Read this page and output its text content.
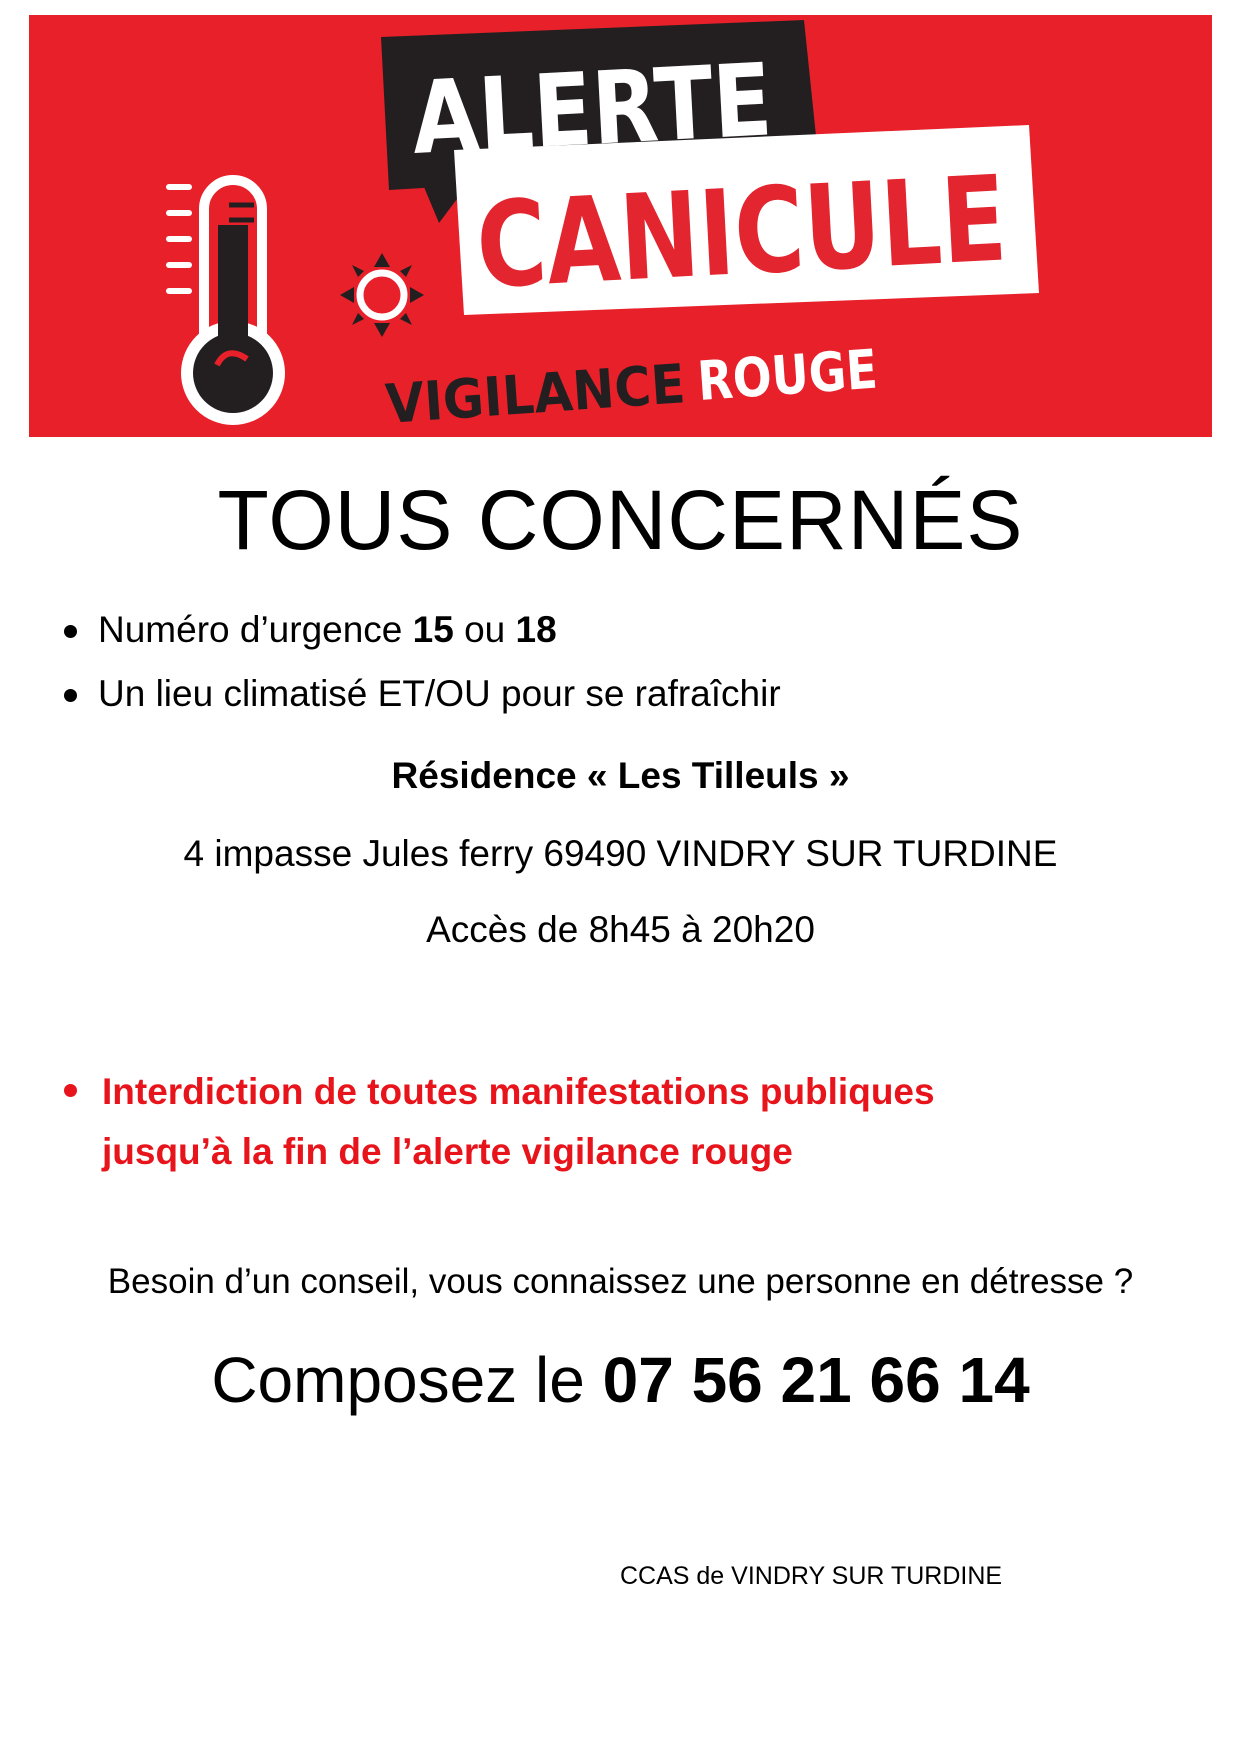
ALERTE
CANICULE
VIGILANCE
ROUGE
TOUS CONCERNÉS
Numéro d’urgence 15 ou 18
Un lieu climatisé ET/OU pour se rafraîchir
Résidence « Les Tilleuls »
4 impasse Jules ferry 69490 VINDRY SUR TURDINE
Accès de 8h45 à 20h20
Interdiction de toutes manifestations publiques
jusqu’à la fin de l’alerte vigilance rouge
Besoin d’un conseil, vous connaissez une personne en détresse ?
Composez le 07 56 21 66 14
CCAS de VINDRY SUR TURDINE
